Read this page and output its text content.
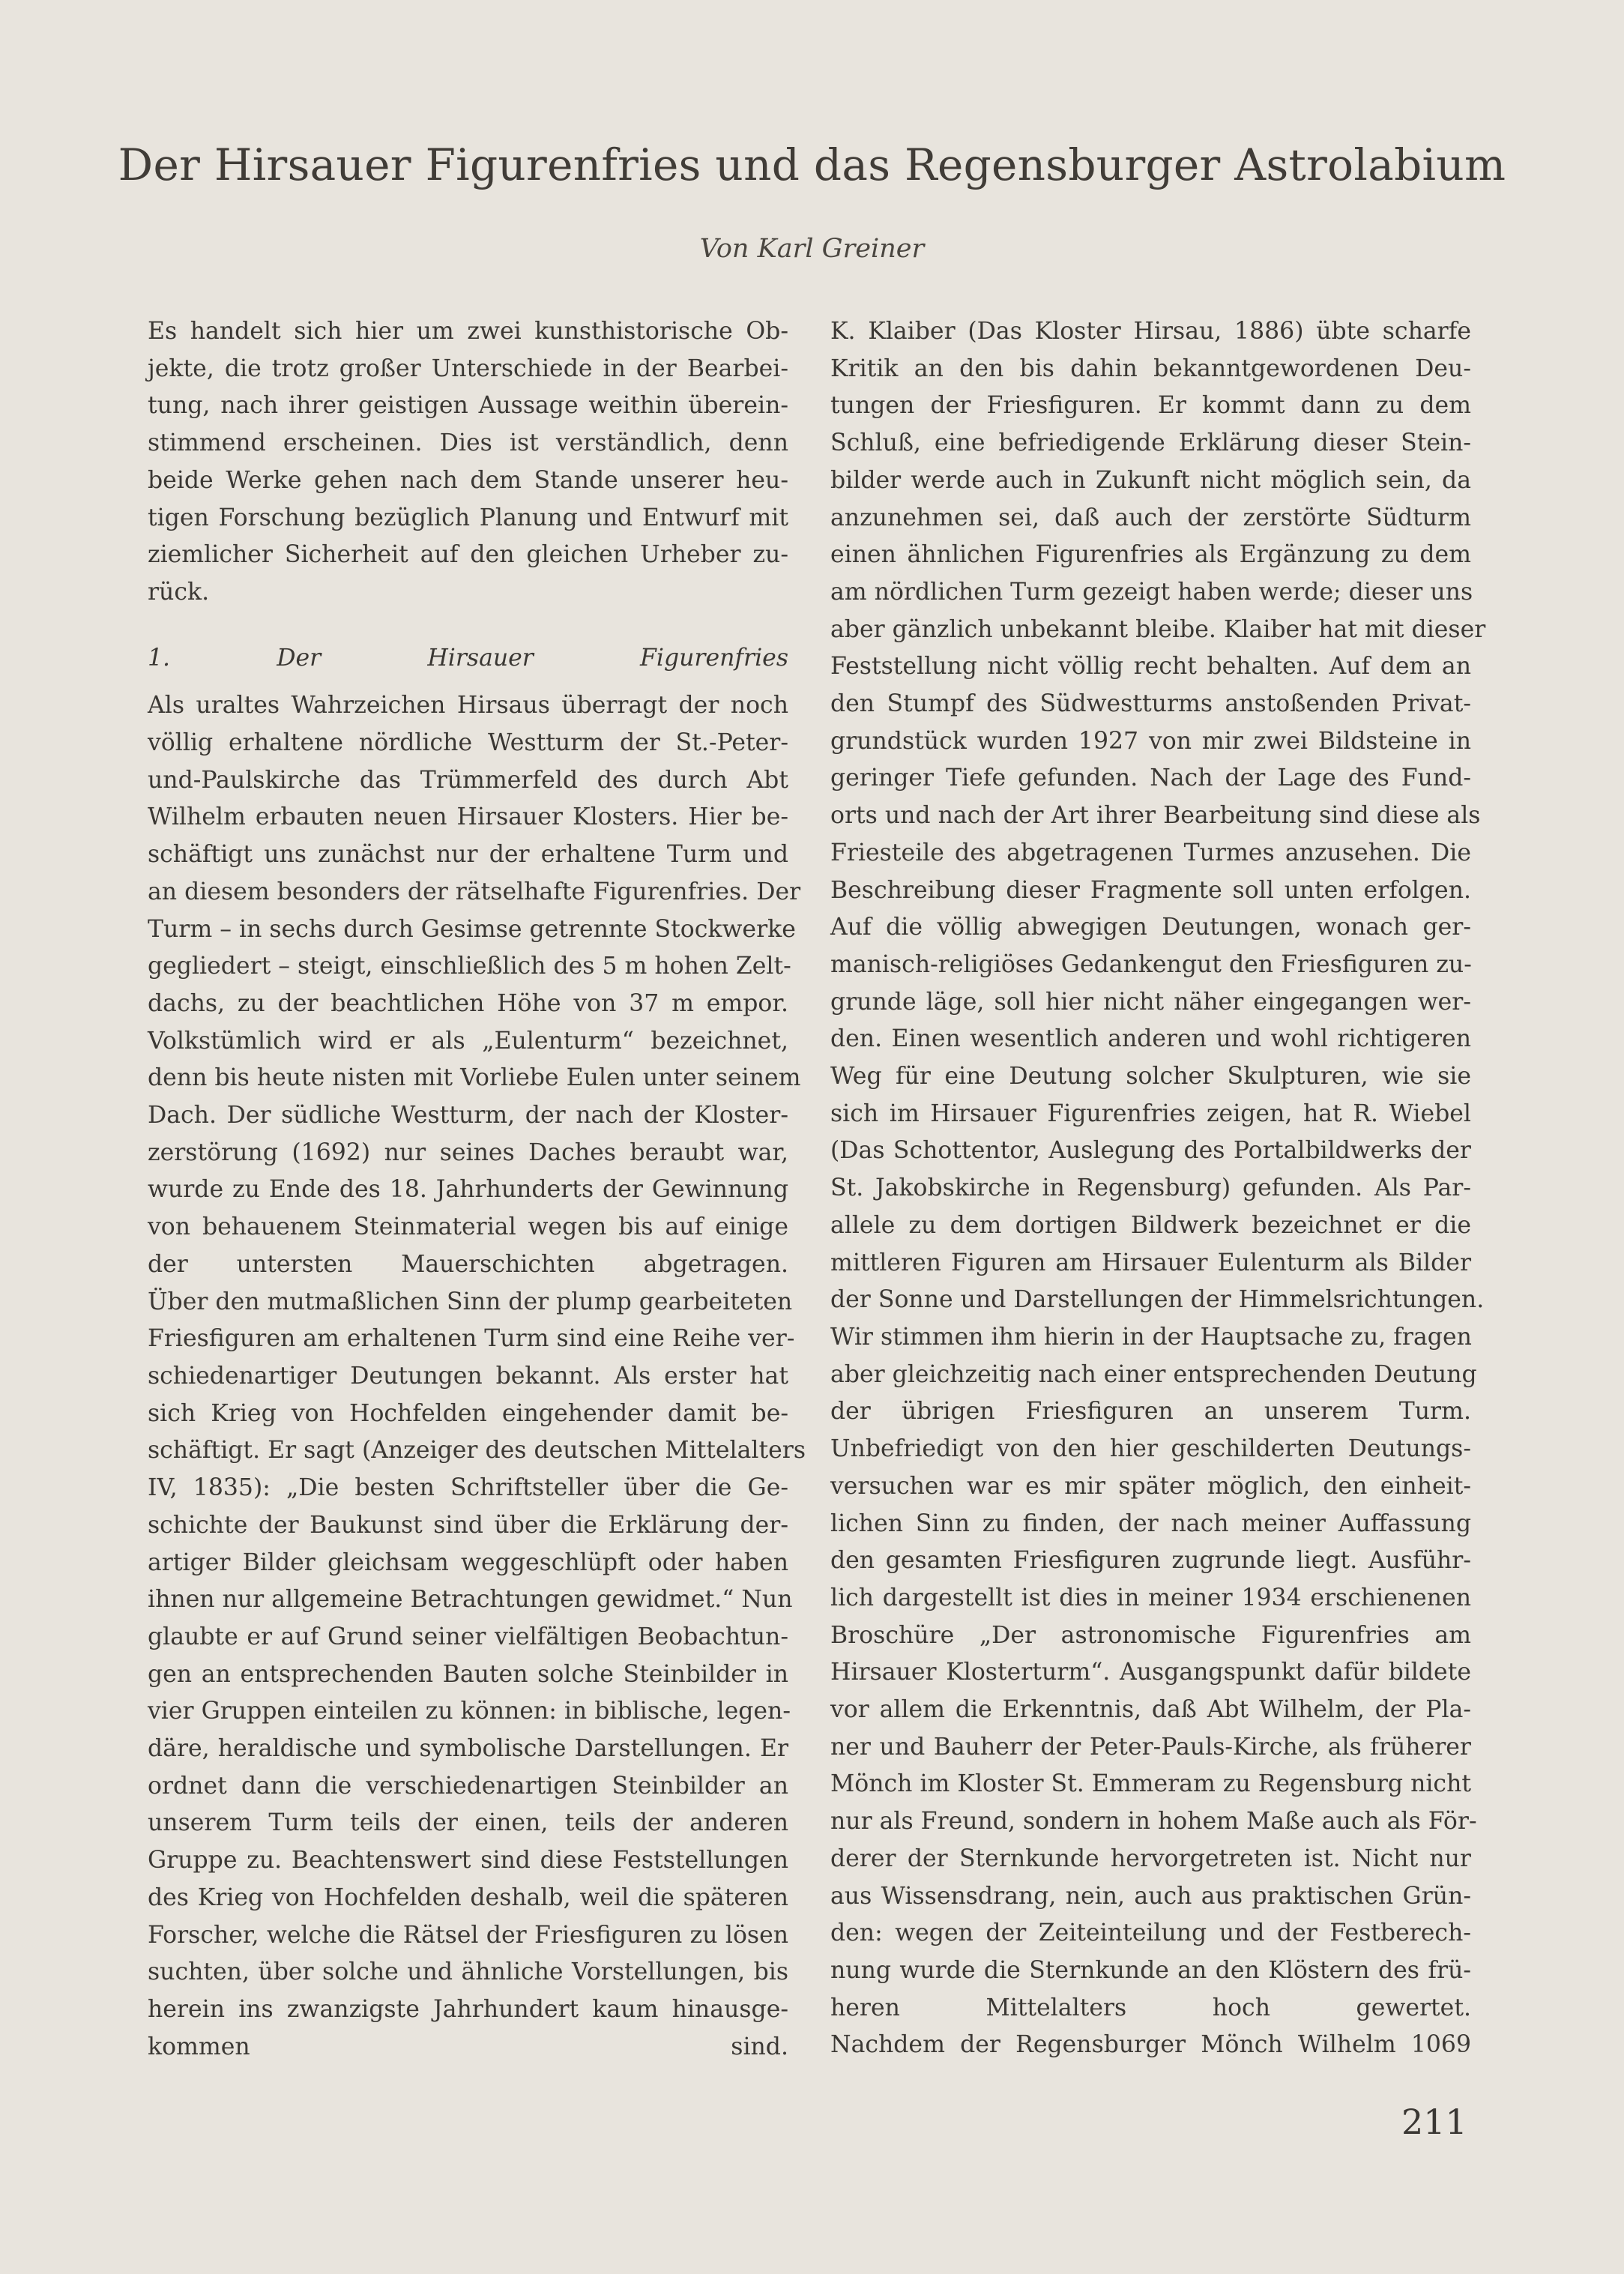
Der Hirsauer Figurenfries und das Regensburger Astrolabium

Von Karl Greiner

Es handelt sich hier um zwei kunsthistorische Ob-
jekte, die trotz großer Unterschiede in der Bearbei-
tung, nach ihrer geistigen Aussage weithin überein-
stimmend erscheinen. Dies ist verständlich, denn
beide Werke gehen nach dem Stande unserer heu-
tigen Forschung bezüglich Planung und Entwurf mit
ziemlicher Sicherheit auf den gleichen Urheber zu-
rück.

1. Der Hirsauer Figurenfries

Als uraltes Wahrzeichen Hirsaus überragt der noch
völlig erhaltene nördliche Westturm der St.-Peter-
und-Paulskirche das Trümmerfeld des durch Abt
Wilhelm erbauten neuen Hirsauer Klosters. Hier be-
schäftigt uns zunächst nur der erhaltene Turm und
an diesem besonders der rätselhafte Figurenfries. Der
Turm – in sechs durch Gesimse getrennte Stockwerke
gegliedert – steigt, einschließlich des 5 m hohen Zelt-
dachs, zu der beachtlichen Höhe von 37 m empor.
Volkstümlich wird er als „Eulenturm“ bezeichnet,
denn bis heute nisten mit Vorliebe Eulen unter seinem
Dach. Der südliche Westturm, der nach der Kloster-
zerstörung (1692) nur seines Daches beraubt war,
wurde zu Ende des 18. Jahrhunderts der Gewinnung
von behauenem Steinmaterial wegen bis auf einige
der untersten Mauerschichten abgetragen.
Über den mutmaßlichen Sinn der plump gearbeiteten
Friesfiguren am erhaltenen Turm sind eine Reihe ver-
schiedenartiger Deutungen bekannt. Als erster hat
sich Krieg von Hochfelden eingehender damit be-
schäftigt. Er sagt (Anzeiger des deutschen Mittelalters
IV, 1835): „Die besten Schriftsteller über die Ge-
schichte der Baukunst sind über die Erklärung der-
artiger Bilder gleichsam weggeschlüpft oder haben
ihnen nur allgemeine Betrachtungen gewidmet.“ Nun
glaubte er auf Grund seiner vielfältigen Beobachtun-
gen an entsprechenden Bauten solche Steinbilder in
vier Gruppen einteilen zu können: in biblische, legen-
däre, heraldische und symbolische Darstellungen. Er
ordnet dann die verschiedenartigen Steinbilder an
unserem Turm teils der einen, teils der anderen
Gruppe zu. Beachtenswert sind diese Feststellungen
des Krieg von Hochfelden deshalb, weil die späteren
Forscher, welche die Rätsel der Friesfiguren zu lösen
suchten, über solche und ähnliche Vorstellungen, bis
herein ins zwanzigste Jahrhundert kaum hinausge-
kommen sind.
K. Klaiber (Das Kloster Hirsau, 1886) übte scharfe
Kritik an den bis dahin bekanntgewordenen Deu-
tungen der Friesfiguren. Er kommt dann zu dem
Schluß, eine befriedigende Erklärung dieser Stein-
bilder werde auch in Zukunft nicht möglich sein, da
anzunehmen sei, daß auch der zerstörte Südturm
einen ähnlichen Figurenfries als Ergänzung zu dem
am nördlichen Turm gezeigt haben werde; dieser uns
aber gänzlich unbekannt bleibe. Klaiber hat mit dieser
Feststellung nicht völlig recht behalten. Auf dem an
den Stumpf des Südwestturms anstoßenden Privat-
grundstück wurden 1927 von mir zwei Bildsteine in
geringer Tiefe gefunden. Nach der Lage des Fund-
orts und nach der Art ihrer Bearbeitung sind diese als
Friesteile des abgetragenen Turmes anzusehen. Die
Beschreibung dieser Fragmente soll unten erfolgen.
Auf die völlig abwegigen Deutungen, wonach ger-
manisch-religiöses Gedankengut den Friesfiguren zu-
grunde läge, soll hier nicht näher eingegangen wer-
den. Einen wesentlich anderen und wohl richtigeren
Weg für eine Deutung solcher Skulpturen, wie sie
sich im Hirsauer Figurenfries zeigen, hat R. Wiebel
(Das Schottentor, Auslegung des Portalbildwerks der
St. Jakobskirche in Regensburg) gefunden. Als Par-
allele zu dem dortigen Bildwerk bezeichnet er die
mittleren Figuren am Hirsauer Eulenturm als Bilder
der Sonne und Darstellungen der Himmelsrichtungen.
Wir stimmen ihm hierin in der Hauptsache zu, fragen
aber gleichzeitig nach einer entsprechenden Deutung
der übrigen Friesfiguren an unserem Turm.
Unbefriedigt von den hier geschilderten Deutungs-
versuchen war es mir später möglich, den einheit-
lichen Sinn zu finden, der nach meiner Auffassung
den gesamten Friesfiguren zugrunde liegt. Ausführ-
lich dargestellt ist dies in meiner 1934 erschienenen
Broschüre „Der astronomische Figurenfries am
Hirsauer Klosterturm“. Ausgangspunkt dafür bildete
vor allem die Erkenntnis, daß Abt Wilhelm, der Pla-
ner und Bauherr der Peter-Pauls-Kirche, als früherer
Mönch im Kloster St. Emmeram zu Regensburg nicht
nur als Freund, sondern in hohem Maße auch als För-
derer der Sternkunde hervorgetreten ist. Nicht nur
aus Wissensdrang, nein, auch aus praktischen Grün-
den: wegen der Zeiteinteilung und der Festberech-
nung wurde die Sternkunde an den Klöstern des frü-
heren Mittelalters hoch gewertet.
Nachdem der Regensburger Mönch Wilhelm 1069
211
